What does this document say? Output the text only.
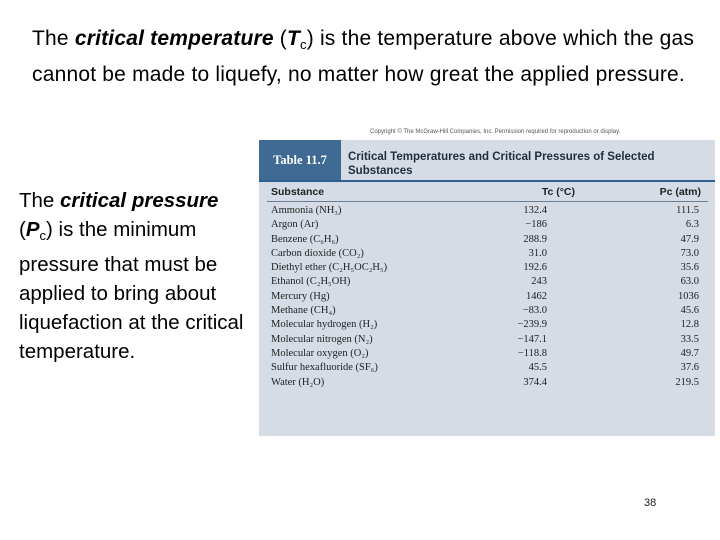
The critical temperature $(T_c)$ is the temperature above which the gas cannot be made to liquefy, no matter how great the applied pressure.
The critical pressure
$(P_c)$ is the minimum pressure that must be applied to bring about liquefaction at the critical temperature.
Copyright © The McGraw-Hill Companies, Inc. Permission required for reproduction or display.
Table 11.7	Critical Temperatures and Critical Pressures of Selected Substances
Substance	Tc (°C)	Pc (atm)
Ammonia (NH₃)	132.4	111.5
Argon (Ar)	−186	6.3
Benzene (C₆H₆)	288.9	47.9
Carbon dioxide (CO₂)	31.0	73.0
Diethyl ether (C₂H₅OC₂H₅)	192.6	35.6
Ethanol (C₂H₅OH)	243	63.0
Mercury (Hg)	1462	1036
Methane (CH₄)	−83.0	45.6
Molecular hydrogen (H₂)	−239.9	12.8
Molecular nitrogen (N₂)	−147.1	33.5
Molecular oxygen (O₂)	−118.8	49.7
Sulfur hexafluoride (SF₆)	45.5	37.6
Water (H₂O)	374.4	219.5
38
